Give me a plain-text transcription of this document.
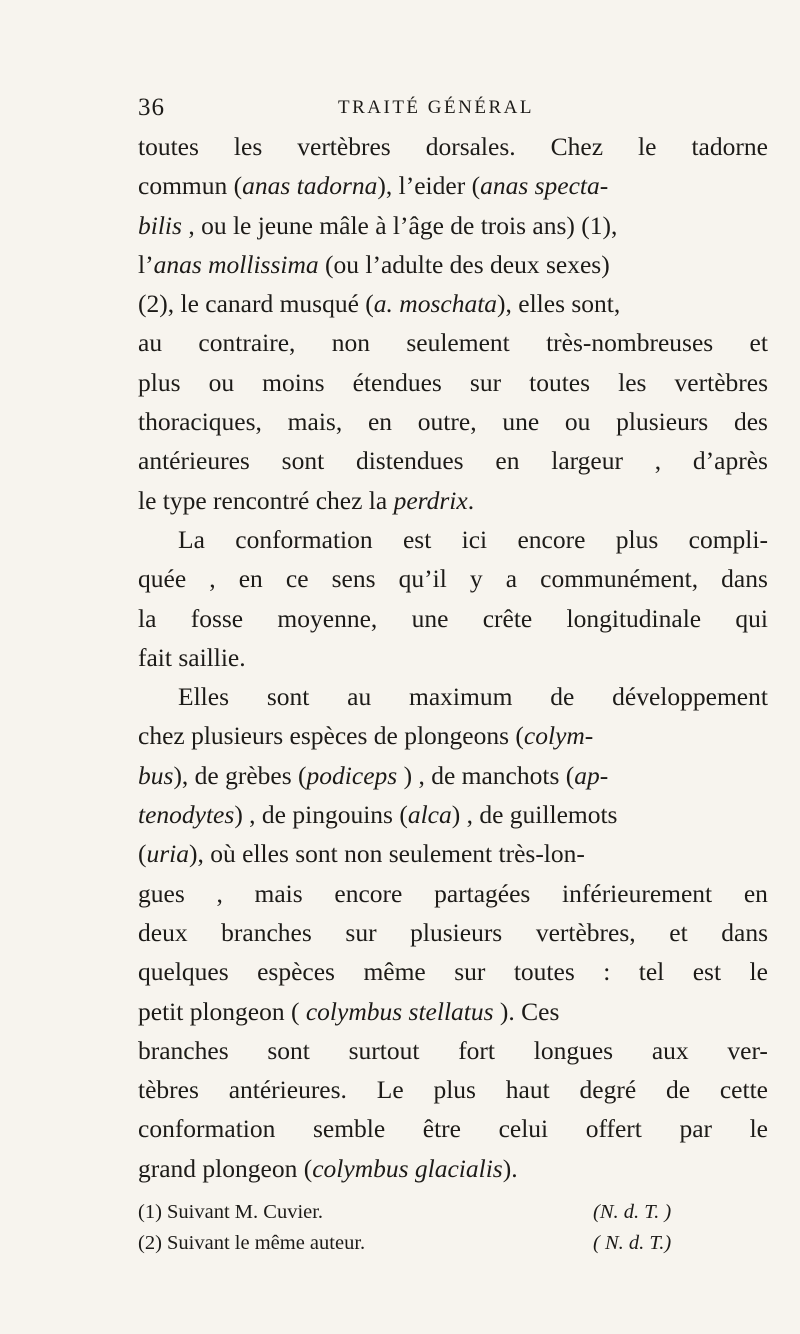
36	TRAITÉ GÉNÉRAL
toutes les vertèbres dorsales. Chez le tadorne
commun (anas tadorna), l’eider (anas specta-
bilis , ou le jeune mâle à l’âge de trois ans) (1),
l’anas mollissima (ou l’adulte des deux sexes)
(2), le canard musqué (a. moschata), elles sont,
au contraire, non seulement très-nombreuses et
plus ou moins étendues sur toutes les vertèbres
thoraciques, mais, en outre, une ou plusieurs des
antérieures sont distendues en largeur , d’après
le type rencontré chez la perdrix.
La conformation est ici encore plus compli-
quée , en ce sens qu’il y a communément, dans
la fosse moyenne, une crête longitudinale qui
fait saillie.
Elles sont au maximum de développement
chez plusieurs espèces de plongeons (colym-
bus), de grèbes (podiceps ) , de manchots (ap-
tenodytes) , de pingouins (alca) , de guillemots
(uria), où elles sont non seulement très-lon-
gues , mais encore partagées inférieurement en
deux branches sur plusieurs vertèbres, et dans
quelques espèces même sur toutes : tel est le
petit plongeon ( colymbus stellatus ). Ces
branches sont surtout fort longues aux ver-
tèbres antérieures. Le plus haut degré de cette
conformation semble être celui offert par le
grand plongeon (colymbus glacialis).
(1) Suivant M. Cuvier.	(N. d. T. )
(2) Suivant le même auteur.	( N. d. T.)
